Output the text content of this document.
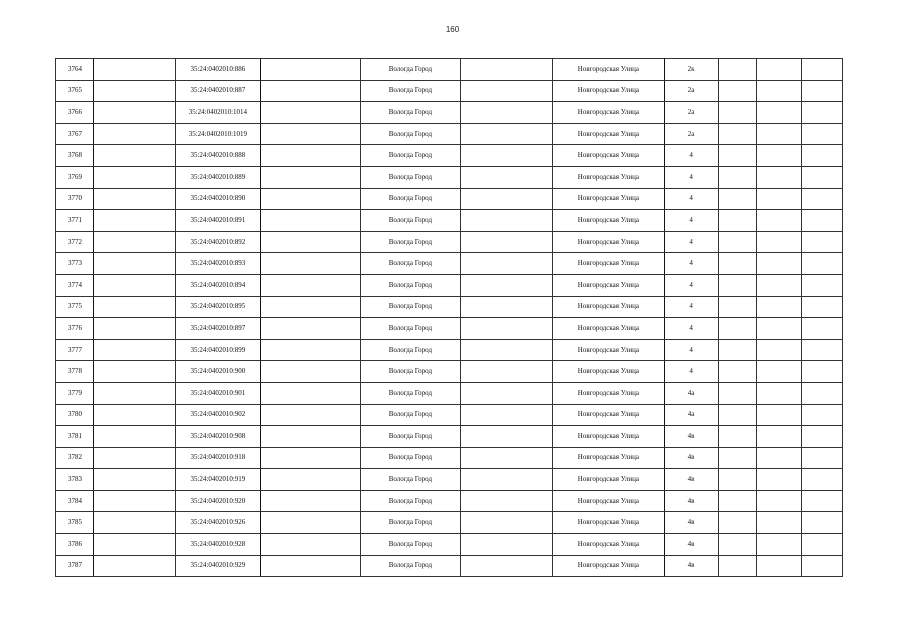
160
3764		35:24:0402010:886		Вологда Город		Новгородская Улица	2к			
3765		35:24:0402010:887		Вологда Город		Новгородская Улица	2а			
3766		35:24:0402010:1014		Вологда Город		Новгородская Улица	2а			
3767		35:24:0402010:1019		Вологда Город		Новгородская Улица	2а			
3768		35:24:0402010:888		Вологда Город		Новгородская Улица	4			
3769		35:24:0402010:889		Вологда Город		Новгородская Улица	4			
3770		35:24:0402010:890		Вологда Город		Новгородская Улица	4			
3771		35:24:0402010:891		Вологда Город		Новгородская Улица	4			
3772		35:24:0402010:892		Вологда Город		Новгородская Улица	4			
3773		35:24:0402010:893		Вологда Город		Новгородская Улица	4			
3774		35:24:0402010:894		Вологда Город		Новгородская Улица	4			
3775		35:24:0402010:895		Вологда Город		Новгородская Улица	4			
3776		35:24:0402010:897		Вологда Город		Новгородская Улица	4			
3777		35:24:0402010:899		Вологда Город		Новгородская Улица	4			
3778		35:24:0402010:900		Вологда Город		Новгородская Улица	4			
3779		35:24:0402010:901		Вологда Город		Новгородская Улица	4а			
3780		35:24:0402010:902		Вологда Город		Новгородская Улица	4а			
3781		35:24:0402010:908		Вологда Город		Новгородская Улица	4в			
3782		35:24:0402010:918		Вологда Город		Новгородская Улица	4в			
3783		35:24:0402010:919		Вологда Город		Новгородская Улица	4в			
3784		35:24:0402010:920		Вологда Город		Новгородская Улица	4в			
3785		35:24:0402010:926		Вологда Город		Новгородская Улица	4в			
3786		35:24:0402010:928		Вологда Город		Новгородская Улица	4в			
3787		35:24:0402010:929		Вологда Город		Новгородская Улица	4в			
